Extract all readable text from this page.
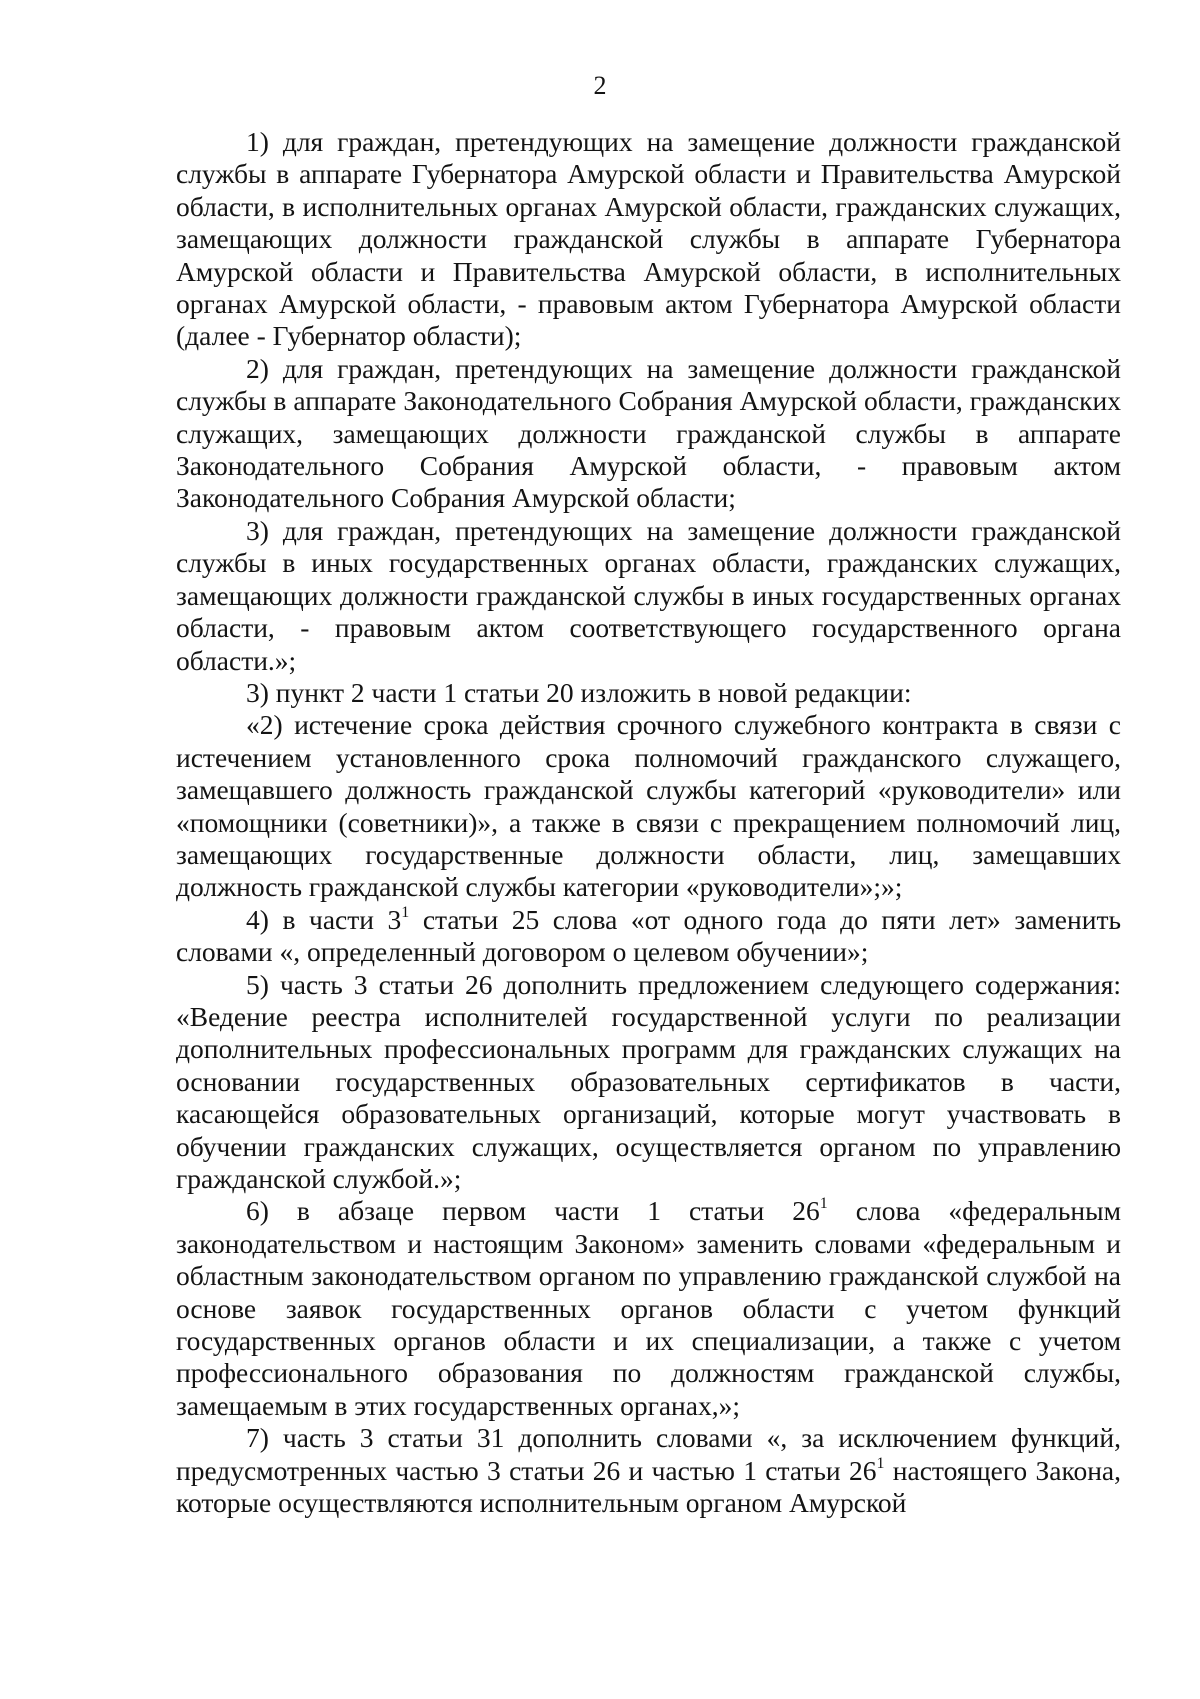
2

1) для граждан, претендующих на замещение должности гражданской службы в аппарате Губернатора Амурской области и Правительства Амурской области, в исполнительных органах Амурской области, гражданских служащих, замещающих должности гражданской службы в аппарате Губернатора Амурской области и Правительства Амурской области, в исполнительных органах Амурской области, - правовым актом Губернатора Амурской области (далее - Губернатор области);

2) для граждан, претендующих на замещение должности гражданской службы в аппарате Законодательного Собрания Амурской области, гражданских служащих, замещающих должности гражданской службы в аппарате Законодательного Собрания Амурской области, - правовым актом Законодательного Собрания Амурской области;

3) для граждан, претендующих на замещение должности гражданской службы в иных государственных органах области, гражданских служащих, замещающих должности гражданской службы в иных государственных органах области, - правовым актом соответствующего государственного органа области.»;

3) пункт 2 части 1 статьи 20 изложить в новой редакции:

«2) истечение срока действия срочного служебного контракта в связи с истечением установленного срока полномочий гражданского служащего, замещавшего должность гражданской службы категорий «руководители» или «помощники (советники)», а также в связи с прекращением полномочий лиц, замещающих государственные должности области, лиц, замещавших должность гражданской службы категории «руководители»;»;

4) в части $3^1$ статьи 25 слова «от одного года до пяти лет» заменить словами «, определенный договором о целевом обучении»;

5) часть 3 статьи 26 дополнить предложением следующего содержания: «Ведение реестра исполнителей государственной услуги по реализации дополнительных профессиональных программ для гражданских служащих на основании государственных образовательных сертификатов в части, касающейся образовательных организаций, которые могут участвовать в обучении гражданских служащих, осуществляется органом по управлению гражданской службой.»;

6) в абзаце первом части 1 статьи $26^1$ слова «федеральным законодательством и настоящим Законом» заменить словами «федеральным и областным законодательством органом по управлению гражданской службой на основе заявок государственных органов области с учетом функций государственных органов области и их специализации, а также с учетом профессионального образования по должностям гражданской службы, замещаемым в этих государственных органах,»;

7) часть 3 статьи 31 дополнить словами «, за исключением функций, предусмотренных частью 3 статьи 26 и частью 1 статьи $26^1$ настоящего Закона, которые осуществляются исполнительным органом Амурской
